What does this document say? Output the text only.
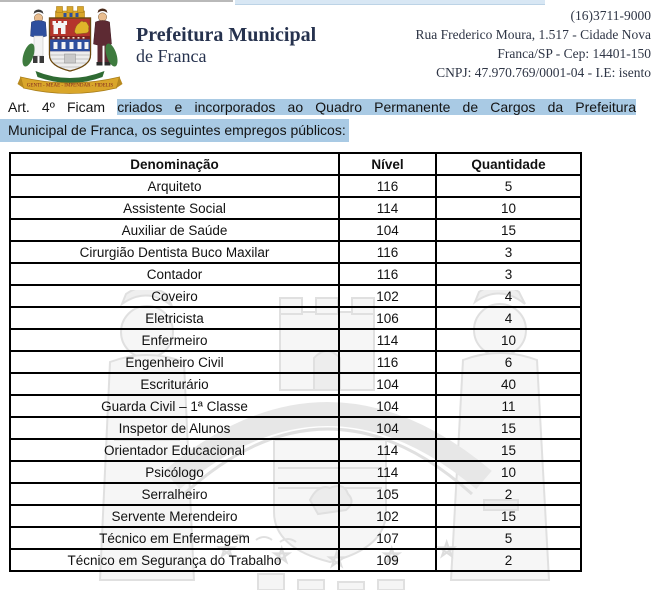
GENTI - MEAE - IMPENDAR - FIDELIS
Prefeitura Municipal
de Franca
(16)3711-9000
Rua Frederico Moura, 1.517 - Cidade Nova
Franca/SP - Cep: 14401-150
CNPJ: 47.970.769/0001-04 - I.E: isento
Art. 4º Ficam criados e incorporados ao Quadro Permanente de Cargos da Prefeitura
Municipal de Franca, os seguintes empregos públicos:
Denominação	Nível	Quantidade
Arquiteto	116	5
Assistente Social	114	10
Auxiliar de Saúde	104	15
Cirurgião Dentista Buco Maxilar	116	3
Contador	116	3
Coveiro	102	4
Eletricista	106	4
Enfermeiro	114	10
Engenheiro Civil	116	6
Escriturário	104	40
Guarda Civil – 1ª Classe	104	11
Inspetor de Alunos	104	15
Orientador Educacional	114	15
Psicólogo	114	10
Serralheiro	105	2
Servente Merendeiro	102	15
Técnico em Enfermagem	107	5
Técnico em Segurança do Trabalho	109	2
